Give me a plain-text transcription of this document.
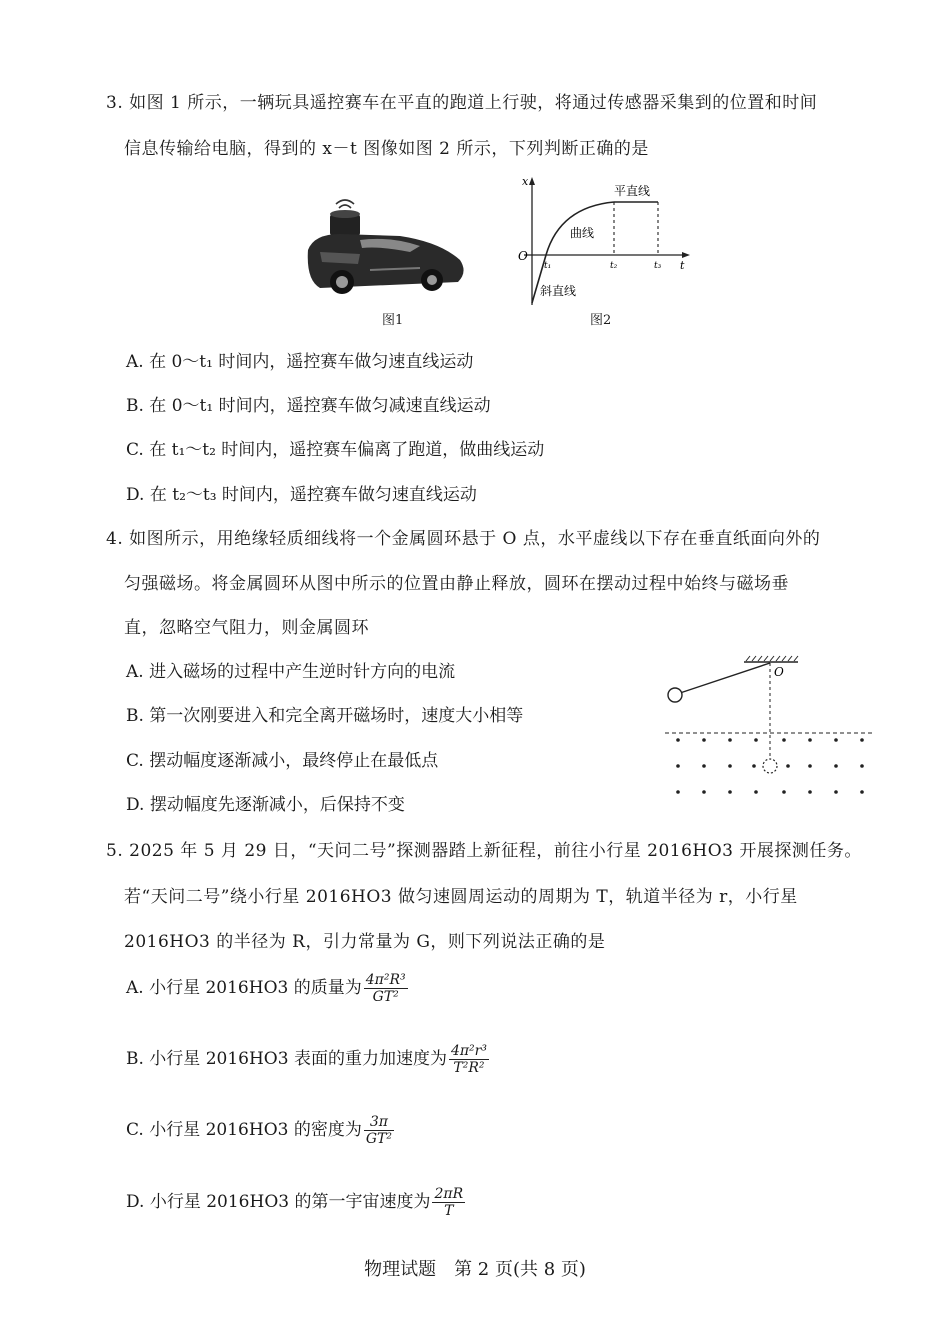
3. 如图 1 所示，一辆玩具遥控赛车在平直的跑道上行驶，将通过传感器采集到的位置和时间
信息传输给电脑，得到的 x－t 图像如图 2 所示，下列判断正确的是
图1
x
t
O
平直线
曲线
斜直线
t₁	t₂	t₃
图2
A. 在 0～t₁ 时间内，遥控赛车做匀速直线运动
B. 在 0～t₁ 时间内，遥控赛车做匀减速直线运动
C. 在 t₁～t₂ 时间内，遥控赛车偏离了跑道，做曲线运动
D. 在 t₂～t₃ 时间内，遥控赛车做匀速直线运动
4. 如图所示，用绝缘轻质细线将一个金属圆环悬于 O 点，水平虚线以下存在垂直纸面向外的
匀强磁场。将金属圆环从图中所示的位置由静止释放，圆环在摆动过程中始终与磁场垂
直，忽略空气阻力，则金属圆环
A. 进入磁场的过程中产生逆时针方向的电流
B. 第一次刚要进入和完全离开磁场时，速度大小相等
C. 摆动幅度逐渐减小，最终停止在最低点
D. 摆动幅度先逐渐减小，后保持不变
O
5. 2025 年 5 月 29 日，“天问二号”探测器踏上新征程，前往小行星 2016HO3 开展探测任务。
若“天问二号”绕小行星 2016HO3 做匀速圆周运动的周期为 T，轨道半径为 r，小行星
2016HO3 的半径为 R，引力常量为 G，则下列说法正确的是
A. 小行星 2016HO3 的质量为 $\frac{\text{4π²R³}}{\text{GT²}}$
B. 小行星 2016HO3 表面的重力加速度为 $\frac{\text{4π²r³}}{\text{T²R²}}$
C. 小行星 2016HO3 的密度为 $\frac{3\pi}{\text{GT²}}$
D. 小行星 2016HO3 的第一宇宙速度为 $\frac{2\pi R}{T}$
物理试题　第 2 页(共 8 页)
